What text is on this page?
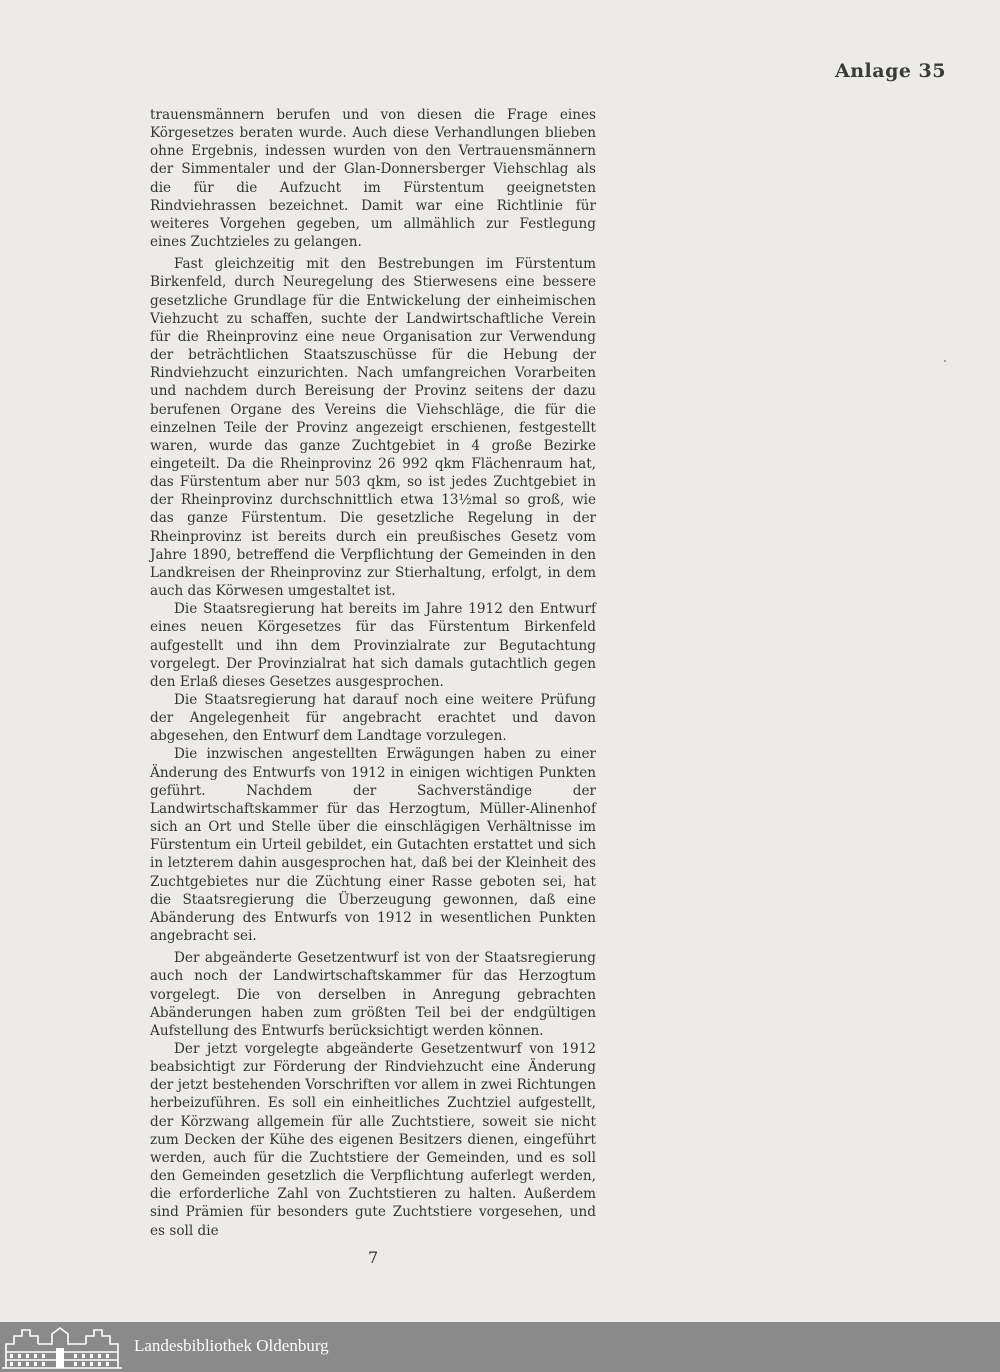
Anlage 35

trauensmännern berufen und von diesen die Frage eines Körgesetzes beraten wurde. Auch diese Verhandlungen blieben ohne Ergebnis, indessen wurden von den Vertrauensmännern der Simmentaler und der Glan-Donnersberger Viehschlag als die für die Aufzucht im Fürstentum geeignetsten Rindviehrassen bezeichnet. Damit war eine Richtlinie für weiteres Vorgehen gegeben, um allmählich zur Festlegung eines Zuchtzieles zu gelangen.

Fast gleichzeitig mit den Bestrebungen im Fürstentum Birkenfeld, durch Neuregelung des Stierwesens eine bessere gesetzliche Grundlage für die Entwickelung der einheimischen Viehzucht zu schaffen, suchte der Landwirtschaftliche Verein für die Rheinprovinz eine neue Organisation zur Verwendung der beträchtlichen Staatszuschüsse für die Hebung der Rindviehzucht einzurichten. Nach umfangreichen Vorarbeiten und nachdem durch Bereisung der Provinz seitens der dazu berufenen Organe des Vereins die Viehschläge, die für die einzelnen Teile der Provinz angezeigt erschienen, festgestellt waren, wurde das ganze Zuchtgebiet in 4 große Bezirke eingeteilt. Da die Rheinprovinz 26 992 qkm Flächenraum hat, das Fürstentum aber nur 503 qkm, so ist jedes Zuchtgebiet in der Rheinprovinz durchschnittlich etwa 13½mal so groß, wie das ganze Fürstentum. Die gesetzliche Regelung in der Rheinprovinz ist bereits durch ein preußisches Gesetz vom Jahre 1890, betreffend die Verpflichtung der Gemeinden in den Landkreisen der Rheinprovinz zur Stierhaltung, erfolgt, in dem auch das Körwesen umgestaltet ist.

Die Staatsregierung hat bereits im Jahre 1912 den Entwurf eines neuen Körgesetzes für das Fürstentum Birkenfeld aufgestellt und ihn dem Provinzialrate zur Begutachtung vorgelegt. Der Provinzialrat hat sich damals gutachtlich gegen den Erlaß dieses Gesetzes ausgesprochen.

Die Staatsregierung hat darauf noch eine weitere Prüfung der Angelegenheit für angebracht erachtet und davon abgesehen, den Entwurf dem Landtage vorzulegen.

Die inzwischen angestellten Erwägungen haben zu einer Änderung des Entwurfs von 1912 in einigen wichtigen Punkten geführt. Nachdem der Sachverständige der Landwirtschaftskammer für das Herzogtum, Müller-Alinenhof sich an Ort und Stelle über die einschlägigen Verhältnisse im Fürstentum ein Urteil gebildet, ein Gutachten erstattet und sich in letzterem dahin ausgesprochen hat, daß bei der Kleinheit des Zuchtgebietes nur die Züchtung einer Rasse geboten sei, hat die Staatsregierung die Überzeugung gewonnen, daß eine Abänderung des Entwurfs von 1912 in wesentlichen Punkten angebracht sei.

Der abgeänderte Gesetzentwurf ist von der Staatsregierung auch noch der Landwirtschaftskammer für das Herzogtum vorgelegt. Die von derselben in Anregung gebrachten Abänderungen haben zum größten Teil bei der endgültigen Aufstellung des Entwurfs berücksichtigt werden können.

Der jetzt vorgelegte abgeänderte Gesetzentwurf von 1912 beabsichtigt zur Förderung der Rindviehzucht eine Änderung der jetzt bestehenden Vorschriften vor allem in zwei Richtungen herbeizuführen. Es soll ein einheitliches Zuchtziel aufgestellt, der Körzwang allgemein für alle Zuchtstiere, soweit sie nicht zum Decken der Kühe des eigenen Besitzers dienen, eingeführt werden, auch für die Zuchtstiere der Gemeinden, und es soll den Gemeinden gesetzlich die Verpflichtung auferlegt werden, die erforderliche Zahl von Zuchtstieren zu halten. Außerdem sind Prämien für besonders gute Zuchtstiere vorgesehen, und es soll die

7
Landesbibliothek Oldenburg
